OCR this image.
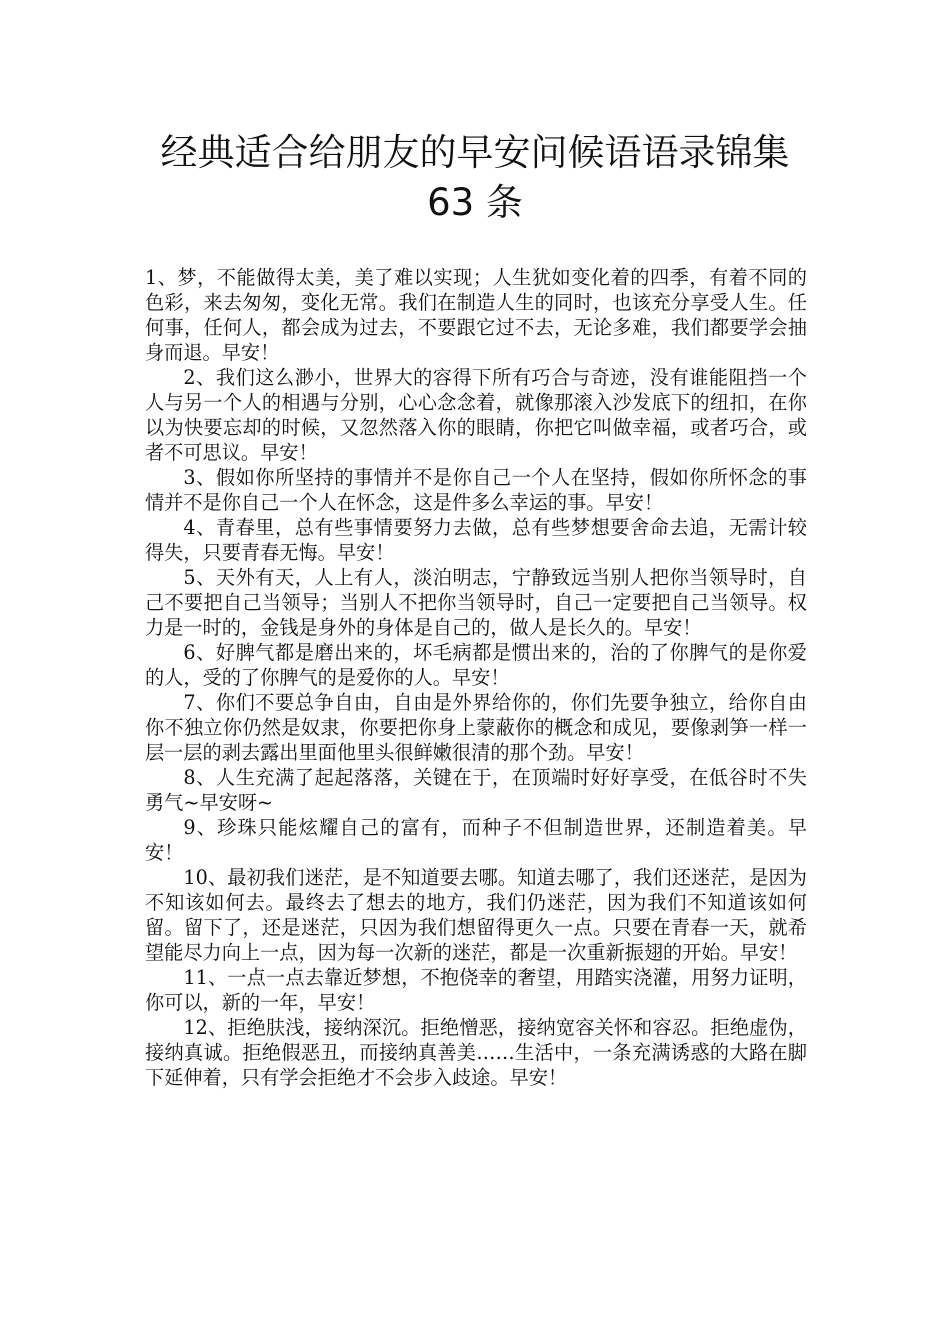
经典适合给朋友的早安问候语语录锦集
63 条

1、梦，不能做得太美，美了难以实现；人生犹如变化着的四季，有着不同的色彩，来去匆匆，变化无常。我们在制造人生的同时，也该充分享受人生。任何事，任何人，都会成为过去，不要跟它过不去，无论多难，我们都要学会抽身而退。早安！

2、我们这么渺小，世界大的容得下所有巧合与奇迹，没有谁能阻挡一个人与另一个人的相遇与分别，心心念念着，就像那滚入沙发底下的纽扣，在你以为快要忘却的时候，又忽然落入你的眼睛，你把它叫做幸福，或者巧合，或者不可思议。早安！

3、假如你所坚持的事情并不是你自己一个人在坚持，假如你所怀念的事情并不是你自己一个人在怀念，这是件多么幸运的事。早安！

4、青春里，总有些事情要努力去做，总有些梦想要舍命去追，无需计较得失，只要青春无悔。早安！

5、天外有天，人上有人，淡泊明志，宁静致远当别人把你当领导时，自己不要把自己当领导；当别人不把你当领导时，自己一定要把自己当领导。权力是一时的，金钱是身外的身体是自己的，做人是长久的。早安！

6、好脾气都是磨出来的，坏毛病都是惯出来的，治的了你脾气的是你爱的人，受的了你脾气的是爱你的人。早安！

7、你们不要总争自由，自由是外界给你的，你们先要争独立，给你自由你不独立你仍然是奴隶，你要把你身上蒙蔽你的概念和成见，要像剥笋一样一层一层的剥去露出里面他里头很鲜嫩很清的那个劲。早安！

8、人生充满了起起落落，关键在于，在顶端时好好享受，在低谷时不失勇气~早安呀~

9、珍珠只能炫耀自己的富有，而种子不但制造世界，还制造着美。早安！

10、最初我们迷茫，是不知道要去哪。知道去哪了，我们还迷茫，是因为不知该如何去。最终去了想去的地方，我们仍迷茫，因为我们不知道该如何留。留下了，还是迷茫，只因为我们想留得更久一点。只要在青春一天，就希望能尽力向上一点，因为每一次新的迷茫，都是一次重新振翅的开始。早安！

11、一点一点去靠近梦想，不抱侥幸的奢望，用踏实浇灌，用努力证明，你可以，新的一年，早安！

12、拒绝肤浅，接纳深沉。拒绝憎恶，接纳宽容关怀和容忍。拒绝虚伪，接纳真诚。拒绝假恶丑，而接纳真善美……生活中，一条充满诱惑的大路在脚下延伸着，只有学会拒绝才不会步入歧途。早安！
